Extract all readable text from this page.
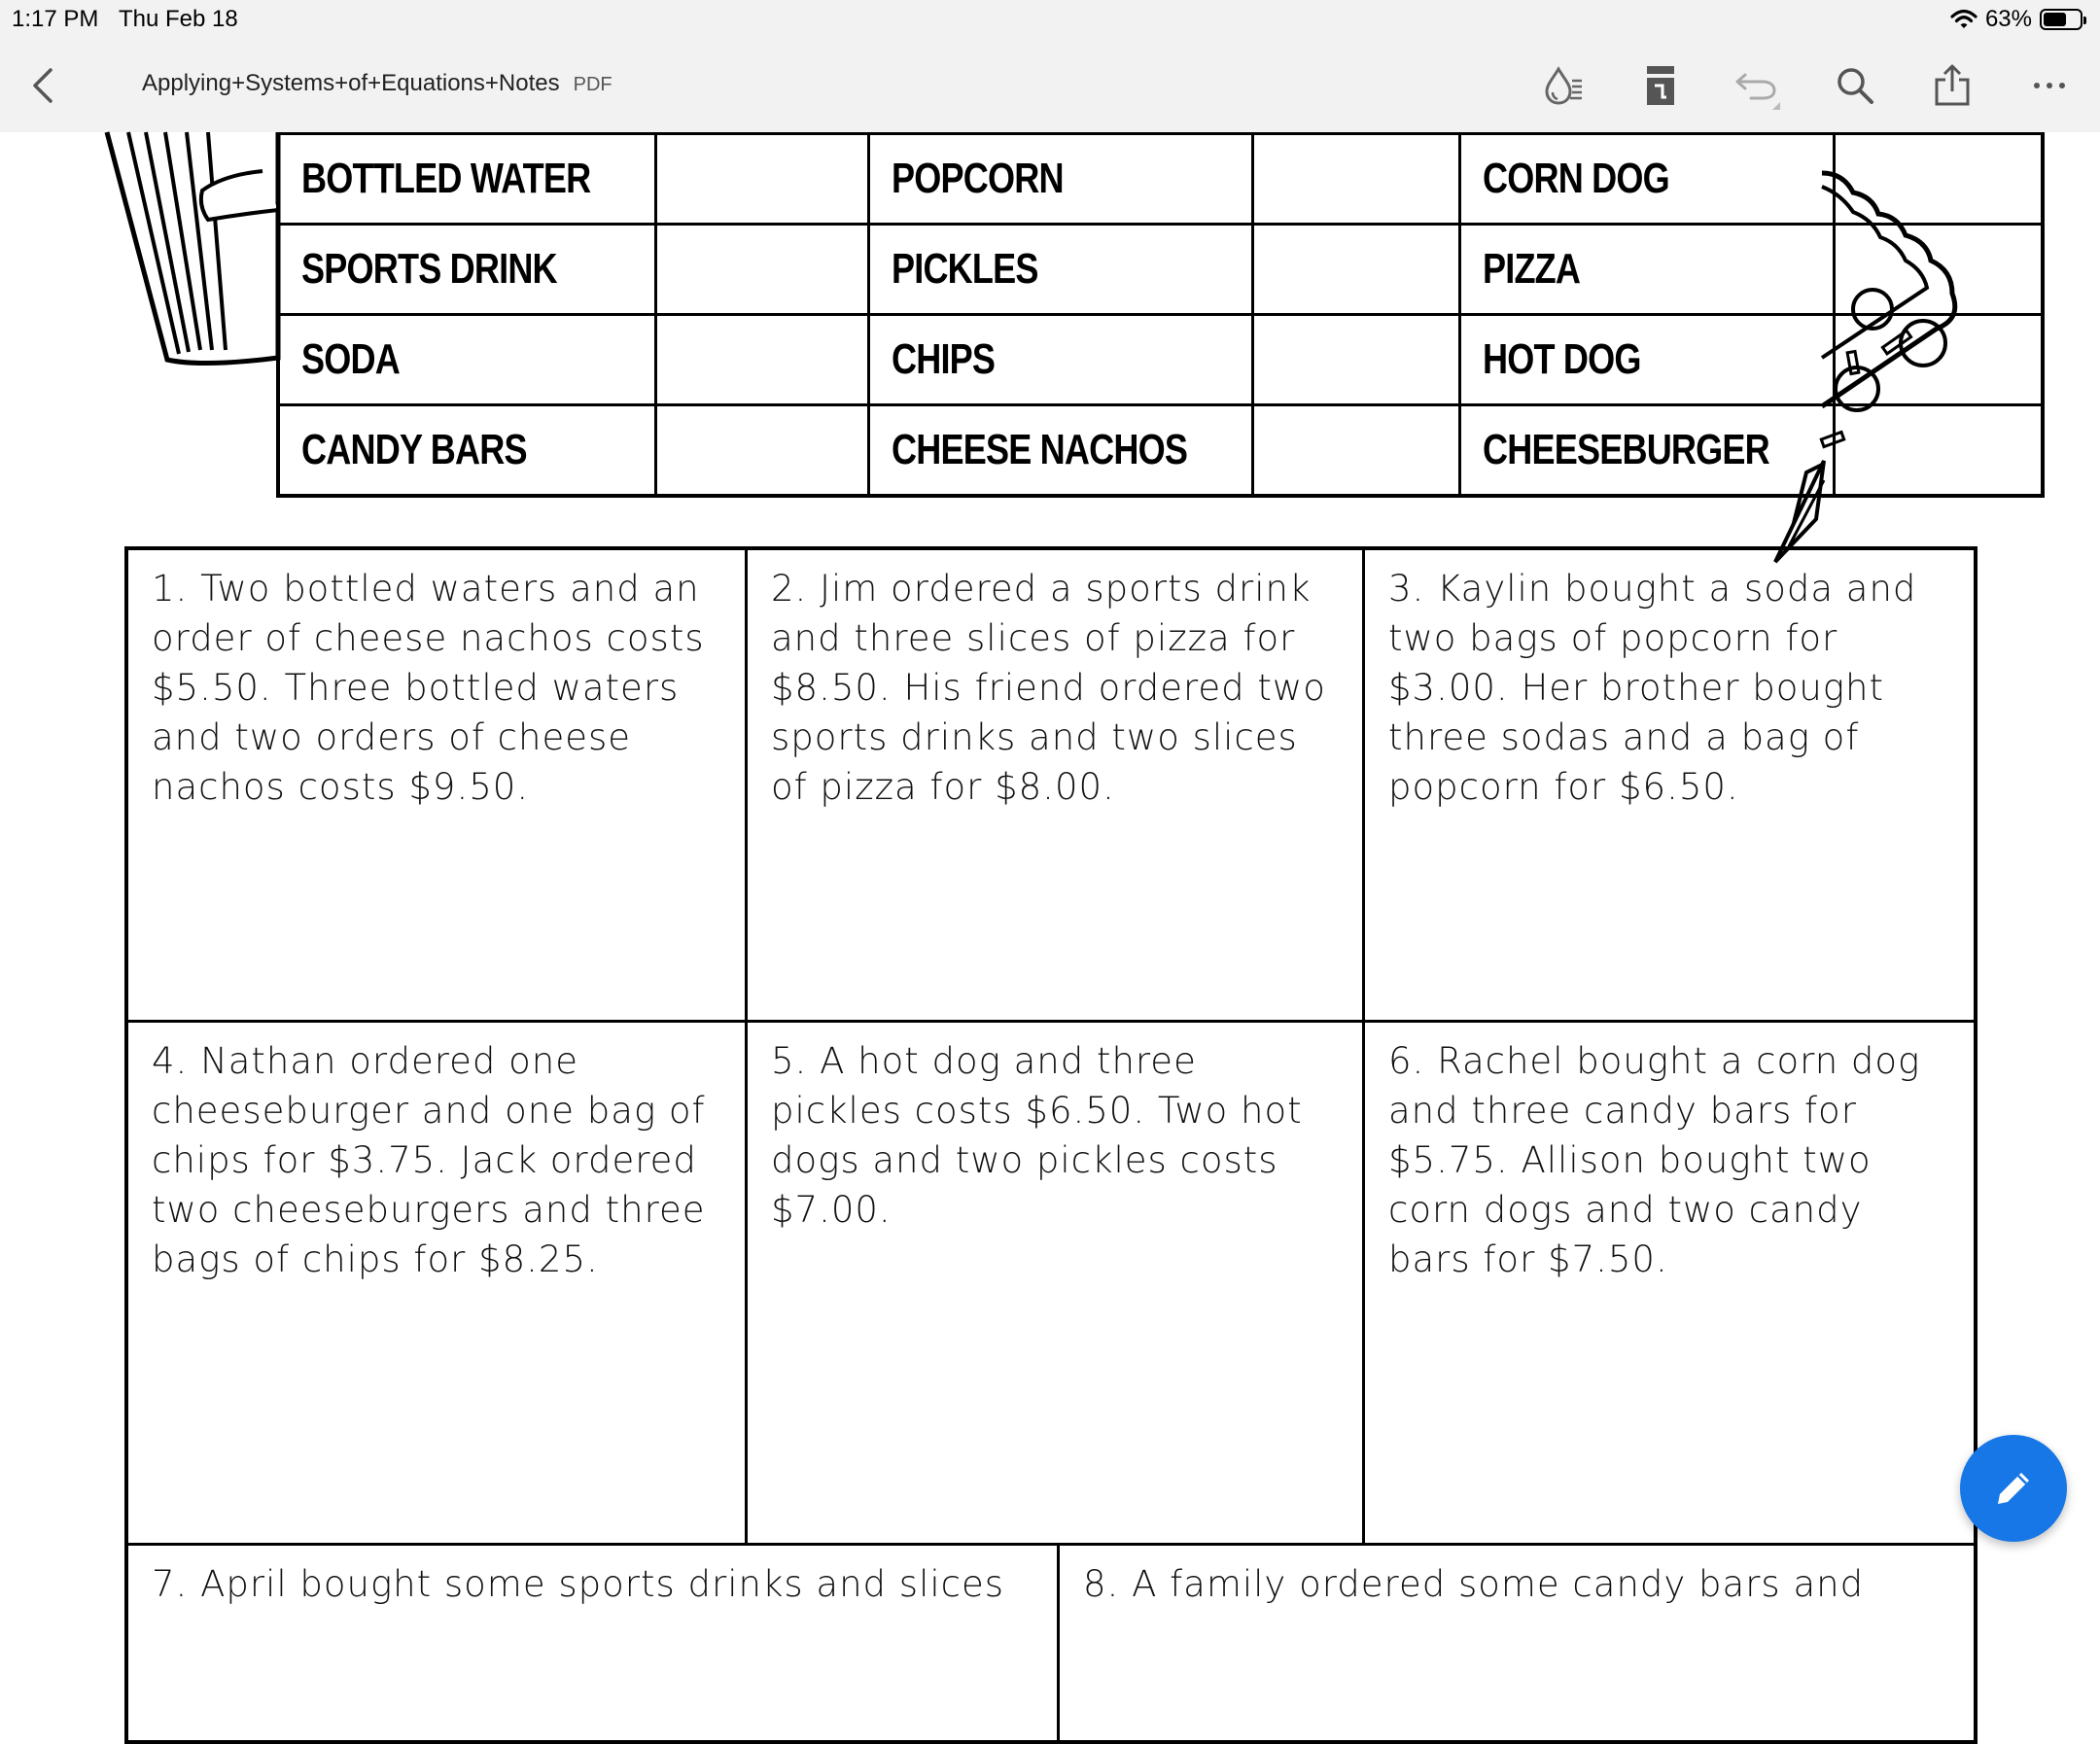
1:17 PM Thu Feb 18	63%
Applying+Systems+of+Equations+Notes PDF
BOTTLED WATER		POPCORN		CORN DOG	
SPORTS DRINK		PICKLES		PIZZA	
SODA		CHIPS		HOT DOG	
CANDY BARS		CHEESE NACHOS		CHEESEBURGER	
1. Two bottled waters and an order of cheese nachos costs $5.50. Three bottled waters and two orders of cheese nachos costs $9.50.
2. Jim ordered a sports drink and three slices of pizza for $8.50. His friend ordered two sports drinks and two slices of pizza for $8.00.
3. Kaylin bought a soda and two bags of popcorn for $3.00. Her brother bought three sodas and a bag of popcorn for $6.50.
4. Nathan ordered one cheeseburger and one bag of chips for $3.75. Jack ordered two cheeseburgers and three bags of chips for $8.25.
5. A hot dog and three pickles costs $6.50. Two hot dogs and two pickles costs $7.00.
6. Rachel bought a corn dog and three candy bars for $5.75. Allison bought two corn dogs and two candy bars for $7.50.
7. April bought some sports drinks and slices	8. A family ordered some candy bars and
